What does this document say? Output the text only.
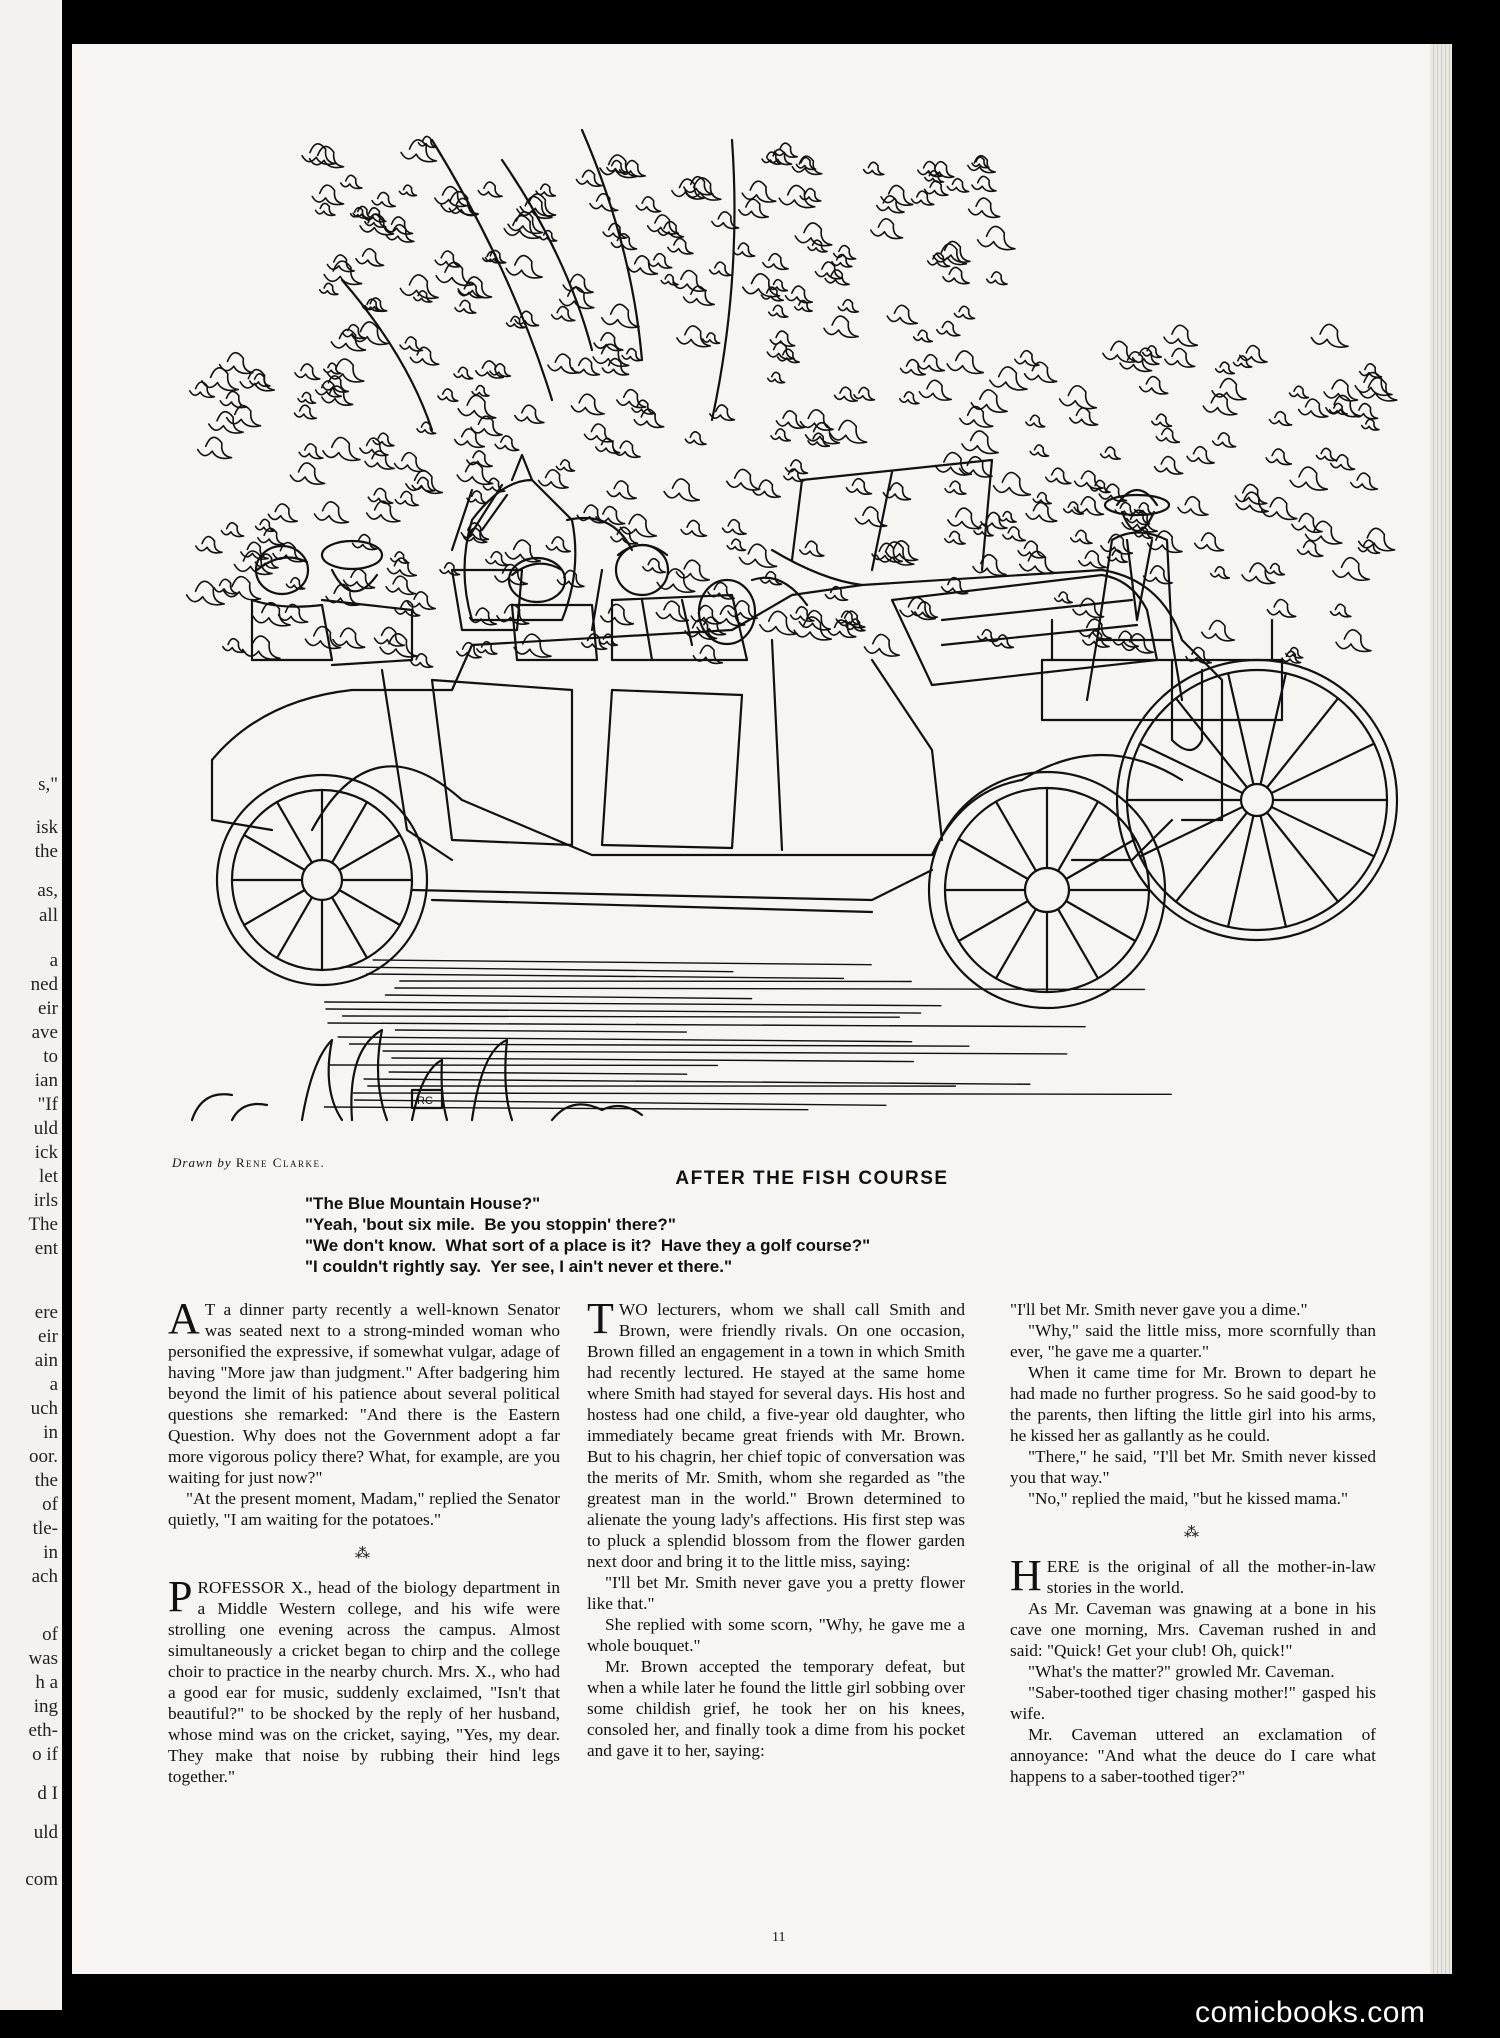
s,"
isk
the
as,
all
a
ned
eir
ave
to
ian
"If
uld
ick
let
irls
The
ent
ere
eir
ain
a
uch
in
oor.
the
of
tle-
in
ach
of
was
h a
ing
eth-
o if
d I
uld
com
RC
Drawn by Rene Clarke.
AFTER THE FISH COURSE
"The Blue Mountain House?"
"Yeah, 'bout six mile.  Be you stoppin' there?"
"We don't know.  What sort of a place is it?  Have they a golf course?"
"I couldn't rightly say.  Yer see, I ain't never et there."

A T a dinner party recently a well-known Senator was seated next to a strong-minded woman who personified the expressive, if somewhat vulgar, adage of having "More jaw than judgment." After badgering him beyond the limit of his patience about several political questions she remarked: "And there is the Eastern Question. Why does not the Government adopt a far more vigorous policy there? What, for example, are you waiting for just now?"

"At the present moment, Madam," replied the Senator quietly, "I am waiting for the potatoes."

⁂

PROFESSOR X., head of the biology department in a Middle Western college, and his wife were strolling one evening across the campus. Almost simultaneously a cricket began to chirp and the college choir to practice in the nearby church. Mrs. X., who had a good ear for music, suddenly exclaimed, "Isn't that beautiful?" to be shocked by the reply of her husband, whose mind was on the cricket, saying, "Yes, my dear. They make that noise by rubbing their hind legs together."

TWO lecturers, whom we shall call Smith and Brown, were friendly rivals. On one occasion, Brown filled an engagement in a town in which Smith had recently lectured. He stayed at the same home where Smith had stayed for several days. His host and hostess had one child, a five-year old daughter, who immediately became great friends with Mr. Brown. But to his chagrin, her chief topic of conversation was the merits of Mr. Smith, whom she regarded as "the greatest man in the world." Brown determined to alienate the young lady's affections. His first step was to pluck a splendid blossom from the flower garden next door and bring it to the little miss, saying:

"I'll bet Mr. Smith never gave you a pretty flower like that."

She replied with some scorn, "Why, he gave me a whole bouquet."

Mr. Brown accepted the temporary defeat, but when a while later he found the little girl sobbing over some childish grief, he took her on his knees, consoled her, and finally took a dime from his pocket and gave it to her, saying:

"I'll bet Mr. Smith never gave you a dime."

"Why," said the little miss, more scornfully than ever, "he gave me a quarter."

When it came time for Mr. Brown to depart he had made no further progress. So he said good-by to the parents, then lifting the little girl into his arms, he kissed her as gallantly as he could.

"There," he said, "I'll bet Mr. Smith never kissed you that way."

"No," replied the maid, "but he kissed mama."

⁂

HERE is the original of all the mother-in-law stories in the world.

As Mr. Caveman was gnawing at a bone in his cave one morning, Mrs. Caveman rushed in and said: "Quick! Get your club! Oh, quick!"

"What's the matter?" growled Mr. Caveman.

"Saber-toothed tiger chasing mother!" gasped his wife.

Mr. Caveman uttered an exclamation of annoyance: "And what the deuce do I care what happens to a saber-toothed tiger?"

11
comicbooks.com
